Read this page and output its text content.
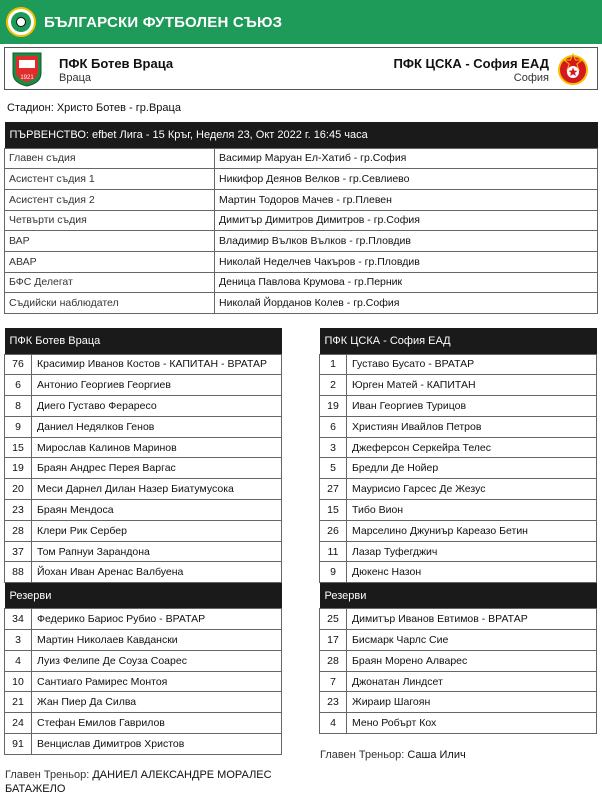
БЪЛГАРСКИ ФУТБОЛЕН СЪЮЗ
1921
ПФК Ботев Враца
Враца
ПФК ЦСКА - София ЕАД
София
Стадион: Христо Ботев - гр.Враца
ПЪРВЕНСТВО: efbet Лига - 15 Кръг, Неделя 23, Окт 2022 г. 16:45 часа	
Главен съдия	Васимир Маруан Ел-Хатиб - гр.София
Асистент съдия 1	Никифор Деянов Велков - гр.Севлиево
Асистент съдия 2	Мартин Тодоров Мачев - гр.Плевен
Четвърти съдия	Димитър Димитров Димитров - гр.София
ВАР	Владимир Вълков Вълков - гр.Пловдив
АВАР	Николай Неделчев Чакъров - гр.Пловдив
БФС Делегат	Деница Павлова Крумова - гр.Перник
Съдийски наблюдател	Николай Йорданов Колев - гр.София
ПФК Ботев Враца	
76	Красимир Иванов Костов - КАПИТАН - ВРАТАР
6	Антонио Георгиев Георгиев
8	Диего Густаво Фераресо
9	Даниел Недялков Генов
15	Мирослав Калинов Маринов
19	Браян Андрес Перея Варгас
20	Меси Дарнел Дилан Назер Биатумусока
23	Браян Мендоса
28	Клери Рик Сербер
37	Том Рапнуи Зарандона
88	Йохан Иван Аренас Валбуена
Резерви	
34	Федерико Бариос Рубио - ВРАТАР
3	Мартин Николаев Кавдански
4	Луиз Фелипе Де Соуза Соарес
10	Сантиаго Рамирес Монтоя
21	Жан Пиер Да Силва
24	Стефан Емилов Гаврилов
91	Венцислав Димитров Христов
ПФК ЦСКА - София ЕАД	
1	Густаво Бусато - ВРАТАР
2	Юрген Матей - КАПИТАН
19	Иван Георгиев Турицов
6	Християн Ивайлов Петров
3	Джеферсон Серкейра Телес
5	Бредли Де Нойер
27	Маурисио Гарсес Де Жезус
15	Тибо Вион
26	Марселино Джуниър Карeазо Бетин
11	Лазар Туфегджич
9	Дюкенс Назон
Резерви	
25	Димитър Иванов Евтимов - ВРАТАР
17	Бисмарк Чарлс Сие
28	Браян Морено Алварес
7	Джонатан Линдсет
23	Жираир Шагоян
4	Мено Робърт Кох
Главен Треньор: ДАНИЕЛ АЛЕКСАНДРЕ МОРАЛЕС БАТАЖЕЛО
Главен Треньор: Саша Илич
